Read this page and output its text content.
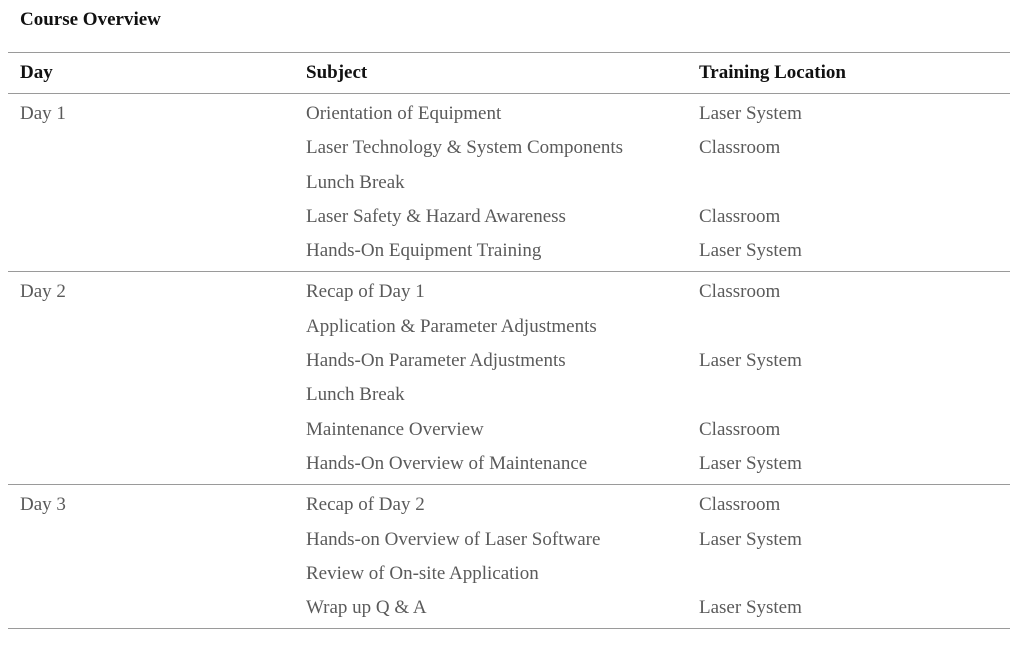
Course Overview
Day	Subject	Training Location
Day 1	Orientation of Equipment	Laser System
	Laser Technology & System Components	Classroom
	Lunch Break	
	Laser Safety & Hazard Awareness	Classroom
	Hands-On Equipment Training	Laser System
Day 2	Recap of Day 1	Classroom
	Application & Parameter Adjustments	
	Hands-On Parameter Adjustments	Laser System
	Lunch Break	
	Maintenance Overview	Classroom
	Hands-On Overview of Maintenance	Laser System
Day 3	Recap of Day 2	Classroom
	Hands-on Overview of Laser Software	Laser System
	Review of On-site Application	
	Wrap up Q & A	Laser System
